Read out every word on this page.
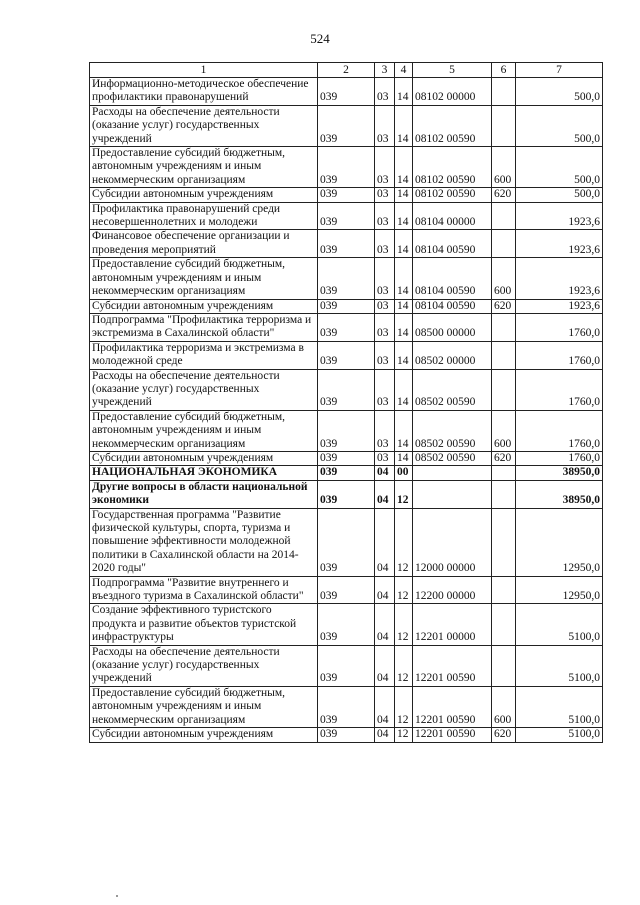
524
1	2	3	4	5	6	7
Информационно-методическое обеспечение профилактики правонарушений	039	03	14	08102 00000		500,0
Расходы на обеспечение деятельности (оказание услуг) государственных учреждений	039	03	14	08102 00590		500,0
Предоставление субсидий бюджетным, автономным учреждениям и иным некоммерческим организациям	039	03	14	08102 00590	600	500,0
Субсидии автономным учреждениям	039	03	14	08102 00590	620	500,0
Профилактика правонарушений среди несовершеннолетних и молодежи	039	03	14	08104 00000		1923,6
Финансовое обеспечение организации и проведения мероприятий	039	03	14	08104 00590		1923,6
Предоставление субсидий бюджетным, автономным учреждениям и иным некоммерческим организациям	039	03	14	08104 00590	600	1923,6
Субсидии автономным учреждениям	039	03	14	08104 00590	620	1923,6
Подпрограмма "Профилактика терроризма и экстремизма в Сахалинской области"	039	03	14	08500 00000		1760,0
Профилактика терроризма и экстремизма в молодежной среде	039	03	14	08502 00000		1760,0
Расходы на обеспечение деятельности (оказание услуг) государственных учреждений	039	03	14	08502 00590		1760,0
Предоставление субсидий бюджетным, автономным учреждениям и иным некоммерческим организациям	039	03	14	08502 00590	600	1760,0
Субсидии автономным учреждениям	039	03	14	08502 00590	620	1760,0
НАЦИОНАЛЬНАЯ ЭКОНОМИКА	039	04	00			38950,0
Другие вопросы в области национальной экономики	039	04	12			38950,0
Государственная программа "Развитие физической культуры, спорта, туризма и повышение эффективности молодежной политики в Сахалинской области на 2014-2020 годы"	039	04	12	12000 00000		12950,0
Подпрограмма "Развитие внутреннего и въездного туризма в Сахалинской области"	039	04	12	12200 00000		12950,0
Создание эффективного туристского продукта и развитие объектов туристской инфраструктуры	039	04	12	12201 00000		5100,0
Расходы на обеспечение деятельности (оказание услуг) государственных учреждений	039	04	12	12201 00590		5100,0
Предоставление субсидий бюджетным, автономным учреждениям и иным некоммерческим организациям	039	04	12	12201 00590	600	5100,0
Субсидии автономным учреждениям	039	04	12	12201 00590	620	5100,0
